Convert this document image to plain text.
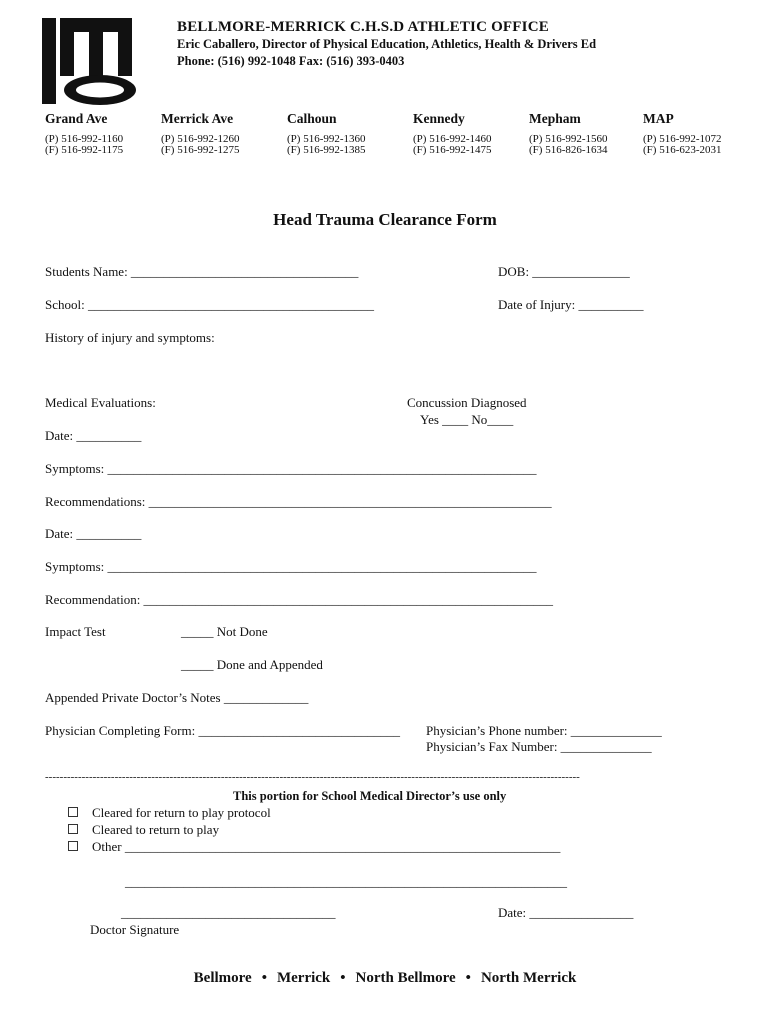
BELLMORE-MERRICK C.H.S.D ATHLETIC OFFICE
Eric Caballero, Director of Physical Education, Athletics, Health & Drivers Ed
Phone: (516) 992-1048 Fax: (516) 393-0403
Grand Ave
(P) 516-992-1160
(F) 516-992-1175
Merrick Ave
(P) 516-992-1260
(F) 516-992-1275
Calhoun
(P) 516-992-1360
(F) 516-992-1385
Kennedy
(P) 516-992-1460
(F) 516-992-1475
Mepham
(P) 516-992-1560
(F) 516-826-1634
MAP
(P) 516-992-1072
(F) 516-623-2031
Head Trauma Clearance Form
Students Name: ___________________________________	DOB: _______________
School: ____________________________________________	Date of Injury: __________
History of injury and symptoms:
Medical Evaluations:	Concussion Diagnosed
Yes ____ No____
Date: __________
Symptoms: __________________________________________________________________
Recommendations: ______________________________________________________________
Date: __________
Symptoms: __________________________________________________________________
Recommendation: _______________________________________________________________
Impact Test	_____ Not Done
_____ Done and Appended
Appended Private Doctor’s Notes _____________
Physician Completing Form: _______________________________ Physician’s Phone number: ______________
Physician’s Fax Number: ______________
--------------------------------------------------------------------------------------------------------------------------------------------------
This portion for School Medical Director’s use only
Cleared for return to play protocol
Cleared to return to play
Other ___________________________________________________________________
____________________________________________________________________
_________________________________	Date: ________________
Doctor Signature
Bellmore • Merrick • North Bellmore • North Merrick
